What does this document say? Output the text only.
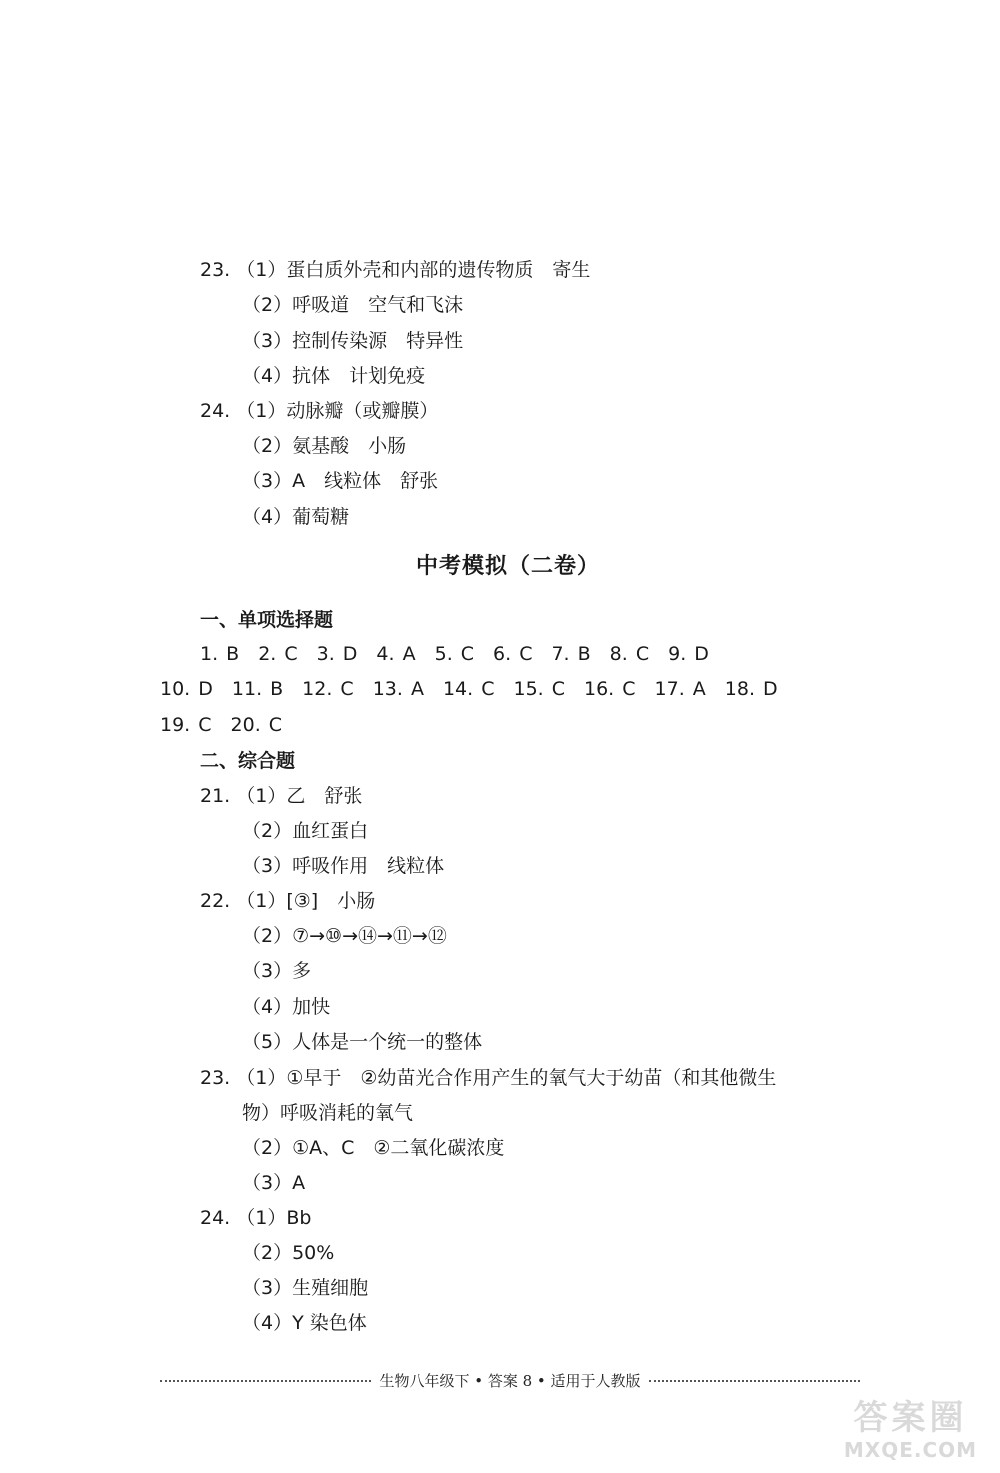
23. （1）蛋白质外壳和内部的遗传物质　寄生
（2）呼吸道　空气和飞沫
（3）控制传染源　特异性
（4）抗体　计划免疫
24. （1）动脉瓣（或瓣膜）
（2）氨基酸　小肠
（3）A　线粒体　舒张
（4）葡萄糖
中考模拟（二卷）
一、单项选择题
1. B　2. C　3. D　4. A　5. C　6. C　7. B　8. C　9. D
10. D　11. B　12. C　13. A　14. C　15. C　16. C　17. A　18. D
19. C　20. C
二、综合题
21. （1）乙　舒张
（2）血红蛋白
（3）呼吸作用　线粒体
22. （1）[③]　小肠
（2）⑦→⑩→⑭→⑪→⑫
（3）多
（4）加快
（5）人体是一个统一的整体
23. （1）①早于　②幼苗光合作用产生的氧气大于幼苗（和其他微生
物）呼吸消耗的氧气
（2）①A、C　②二氧化碳浓度
（3）A
24. （1）Bb
（2）50%
（3）生殖细胞
（4）Y 染色体
生物八年级下 • 答案 8 • 适用于人教版
答案圈
MXQE.COM
